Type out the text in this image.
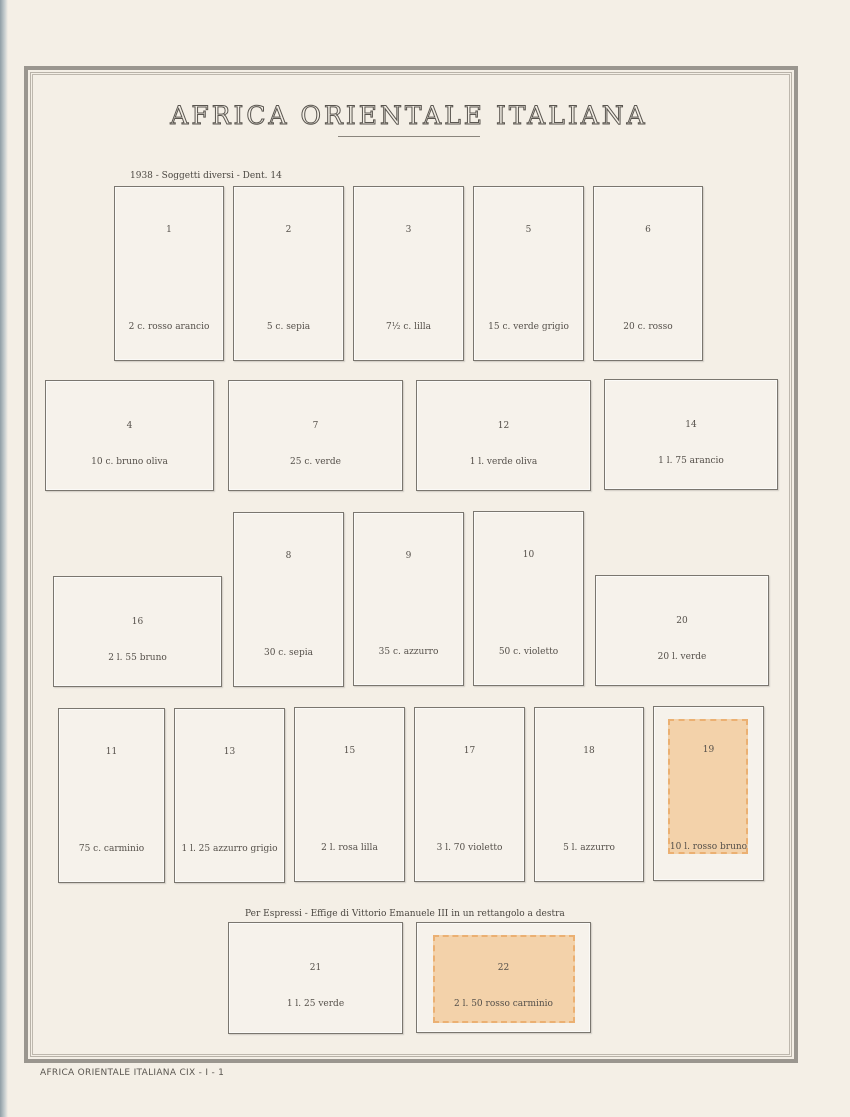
AFRICA ORIENTALE ITALIANA
1938 - Soggetti diversi - Dent. 14
1
2 c. rosso arancio
2
5 c. sepia
3
7½ c. lilla
5
15 c. verde grigio
6
20 c. rosso
4
10 c. bruno oliva
7
25 c. verde
12
1 l. verde oliva
14
1 l. 75 arancio
8
30 c. sepia
9
35 c. azzurro
10
50 c. violetto
16
2 l. 55 bruno
20
20 l. verde
11
75 c. carminio
13
1 l. 25 azzurro grigio
15
2 l. rosa lilla
17
3 l. 70 violetto
18
5 l. azzurro
19
10 l. rosso bruno
Per Espressi - Effige di Vittorio Emanuele III in un rettangolo a destra
21
1 l. 25 verde
22
2 l. 50 rosso carminio
AFRICA ORIENTALE ITALIANA CIX - I - 1
